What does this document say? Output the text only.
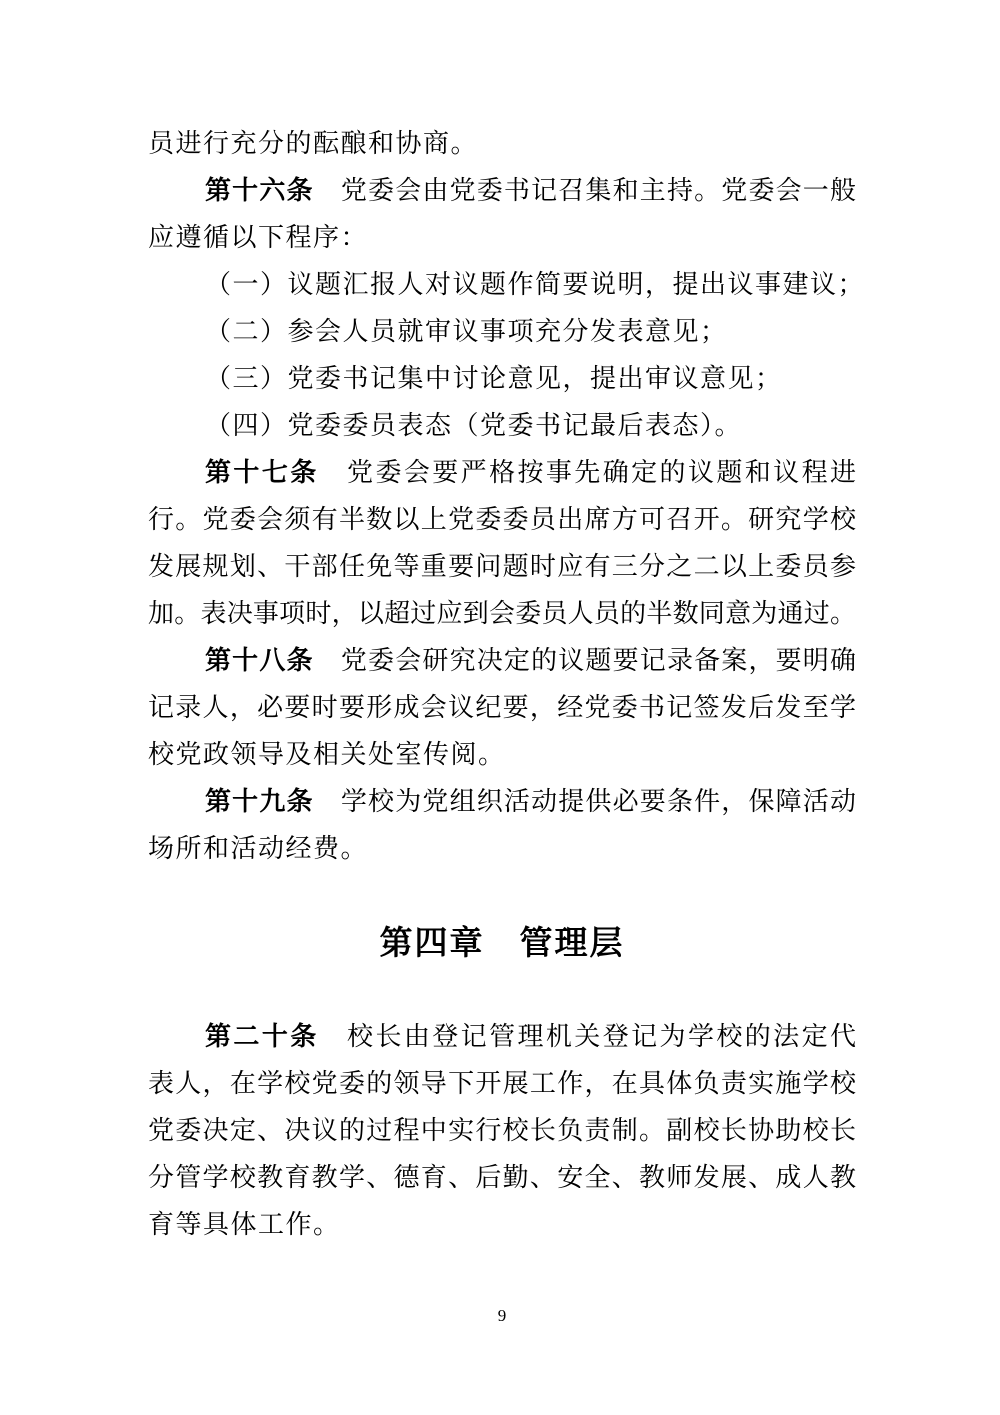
员进行充分的酝酿和协商。
第十六条　党委会由党委书记召集和主持。党委会一般
应遵循以下程序：
（一）议题汇报人对议题作简要说明，提出议事建议；
（二）参会人员就审议事项充分发表意见；
（三）党委书记集中讨论意见，提出审议意见；
（四）党委委员表态（党委书记最后表态）。
第十七条　党委会要严格按事先确定的议题和议程进
行。党委会须有半数以上党委委员出席方可召开。研究学校
发展规划、干部任免等重要问题时应有三分之二以上委员参
加。表决事项时，以超过应到会委员人员的半数同意为通过。
第十八条　党委会研究决定的议题要记录备案，要明确
记录人，必要时要形成会议纪要，经党委书记签发后发至学
校党政领导及相关处室传阅。
第十九条　学校为党组织活动提供必要条件，保障活动
场所和活动经费。
第四章　管理层
第二十条　校长由登记管理机关登记为学校的法定代
表人，在学校党委的领导下开展工作，在具体负责实施学校
党委决定、决议的过程中实行校长负责制。副校长协助校长
分管学校教育教学、德育、后勤、安全、教师发展、成人教
育等具体工作。
9
